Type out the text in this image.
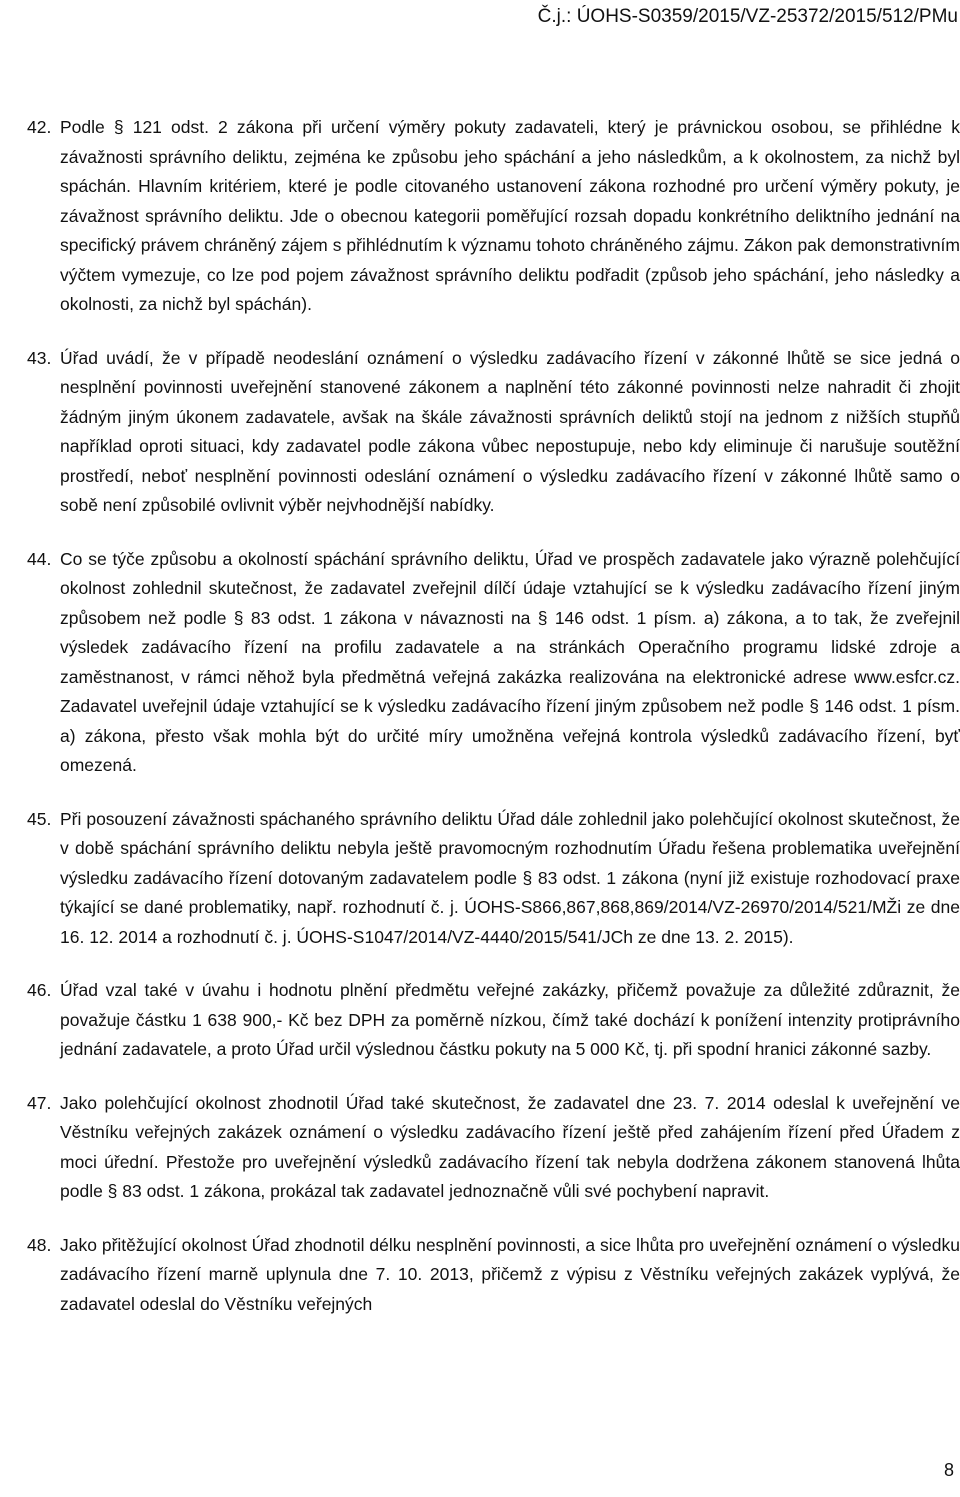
Č.j.: ÚOHS-S0359/2015/VZ-25372/2015/512/PMu
42. Podle § 121 odst. 2 zákona při určení výměry pokuty zadavateli, který je právnickou osobou, se přihlédne k závažnosti správního deliktu, zejména ke způsobu jeho spáchání a jeho následkům, a k okolnostem, za nichž byl spáchán. Hlavním kritériem, které je podle citovaného ustanovení zákona rozhodné pro určení výměry pokuty, je závažnost správního deliktu. Jde o obecnou kategorii poměřující rozsah dopadu konkrétního deliktního jednání na specifický právem chráněný zájem s přihlédnutím k významu tohoto chráněného zájmu. Zákon pak demonstrativním výčtem vymezuje, co lze pod pojem závažnost správního deliktu podřadit (způsob jeho spáchání, jeho následky a okolnosti, za nichž byl spáchán).

43. Úřad uvádí, že v případě neodeslání oznámení o výsledku zadávacího řízení v zákonné lhůtě se sice jedná o nesplnění povinnosti uveřejnění stanovené zákonem a naplnění této zákonné povinnosti nelze nahradit či zhojit žádným jiným úkonem zadavatele, avšak na škále závažnosti správních deliktů stojí na jednom z nižších stupňů například oproti situaci, kdy zadavatel podle zákona vůbec nepostupuje, nebo kdy eliminuje či narušuje soutěžní prostředí, neboť nesplnění povinnosti odeslání oznámení o výsledku zadávacího řízení v zákonné lhůtě samo o sobě není způsobilé ovlivnit výběr nejvhodnější nabídky.

44. Co se týče způsobu a okolností spáchání správního deliktu, Úřad ve prospěch zadavatele jako výrazně polehčující okolnost zohlednil skutečnost, že zadavatel zveřejnil dílčí údaje vztahující se k výsledku zadávacího řízení jiným způsobem než podle § 83 odst. 1 zákona v návaznosti na § 146 odst. 1 písm. a) zákona, a to tak, že zveřejnil výsledek zadávacího řízení na profilu zadavatele a na stránkách Operačního programu lidské zdroje a zaměstnanost, v rámci něhož byla předmětná veřejná zakázka realizována na elektronické adrese www.esfcr.cz. Zadavatel uveřejnil údaje vztahující se k výsledku zadávacího řízení jiným způsobem než podle § 146 odst. 1 písm. a) zákona, přesto však mohla být do určité míry umožněna veřejná kontrola výsledků zadávacího řízení, byť omezená.

45. Při posouzení závažnosti spáchaného správního deliktu Úřad dále zohlednil jako polehčující okolnost skutečnost, že v době spáchání správního deliktu nebyla ještě pravomocným rozhodnutím Úřadu řešena problematika uveřejnění výsledku zadávacího řízení dotovaným zadavatelem podle § 83 odst. 1 zákona (nyní již existuje rozhodovací praxe týkající se dané problematiky, např. rozhodnutí č. j. ÚOHS-S866,867,868,869/2014/VZ-26970/2014/521/MŽi ze dne 16. 12. 2014 a rozhodnutí č. j. ÚOHS-S1047/2014/VZ-4440/2015/541/JCh ze dne 13. 2. 2015).

46. Úřad vzal také v úvahu i hodnotu plnění předmětu veřejné zakázky, přičemž považuje za důležité zdůraznit, že považuje částku 1 638 900,- Kč bez DPH za poměrně nízkou, čímž také dochází k ponížení intenzity protiprávního jednání zadavatele, a proto Úřad určil výslednou částku pokuty na 5 000 Kč, tj. při spodní hranici zákonné sazby.

47. Jako polehčující okolnost zhodnotil Úřad také skutečnost, že zadavatel dne 23. 7. 2014 odeslal k uveřejnění ve Věstníku veřejných zakázek oznámení o výsledku zadávacího řízení ještě před zahájením řízení před Úřadem z moci úřední. Přestože pro uveřejnění výsledků zadávacího řízení tak nebyla dodržena zákonem stanovená lhůta podle § 83 odst. 1 zákona, prokázal tak zadavatel jednoznačně vůli své pochybení napravit.

48. Jako přitěžující okolnost Úřad zhodnotil délku nesplnění povinnosti, a sice lhůta pro uveřejnění oznámení o výsledku zadávacího řízení marně uplynula dne 7. 10. 2013, přičemž z výpisu z Věstníku veřejných zakázek vyplývá, že zadavatel odeslal do Věstníku veřejných

8
